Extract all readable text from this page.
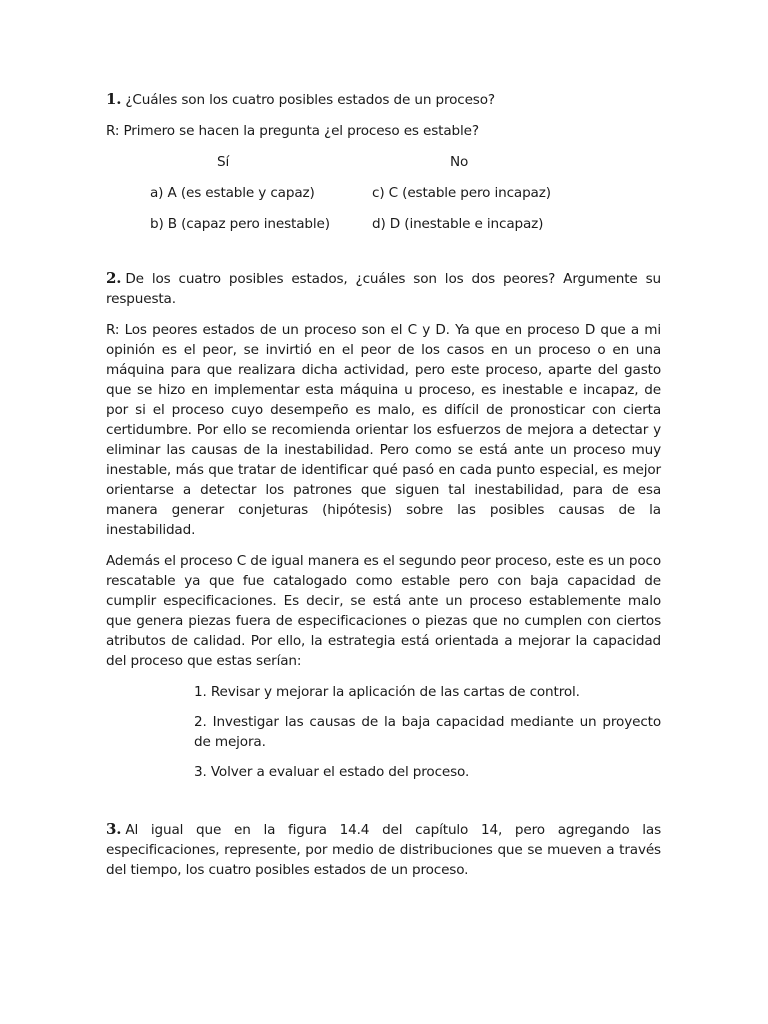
1. ¿Cuáles son los cuatro posibles estados de un proceso?

R: Primero se hacen la pregunta ¿el proceso es estable?

Sí	No
a) A (es estable y capaz)	c) C (estable pero incapaz)
b) B (capaz pero inestable)	d) D (inestable e incapaz)

2. De los cuatro posibles estados, ¿cuáles son los dos peores? Argumente su respuesta.

R: Los peores estados de un proceso son el C y D. Ya que en proceso D que a mi opinión es el peor, se invirtió en el peor de los casos en un proceso o en una máquina para que realizara dicha actividad, pero este proceso, aparte del gasto que se hizo en implementar esta máquina u proceso, es inestable e incapaz, de por si el proceso cuyo desempeño es malo, es difícil de pronosticar con cierta certidumbre. Por ello se recomienda orientar los esfuerzos de mejora a detectar y eliminar las causas de la inestabilidad. Pero como se está ante un proceso muy inestable, más que tratar de identificar qué pasó en cada punto especial, es mejor orientarse a detectar los patrones que siguen tal inestabilidad, para de esa manera generar conjeturas (hipótesis) sobre las posibles causas de la inestabilidad.

Además el proceso C de igual manera es el segundo peor proceso, este es un poco rescatable ya que fue catalogado como estable pero con baja capacidad de cumplir especificaciones. Es decir, se está ante un proceso establemente malo que genera piezas fuera de especificaciones o piezas que no cumplen con ciertos atributos de calidad. Por ello, la estrategia está orientada a mejorar la capacidad del proceso que estas serían:

1. Revisar y mejorar la aplicación de las cartas de control.

2. Investigar las causas de la baja capacidad mediante un proyecto de mejora.

3. Volver a evaluar el estado del proceso.

3. Al igual que en la figura 14.4 del capítulo 14, pero agregando las especificaciones, represente, por medio de distribuciones que se mueven a través del tiempo, los cuatro posibles estados de un proceso.
